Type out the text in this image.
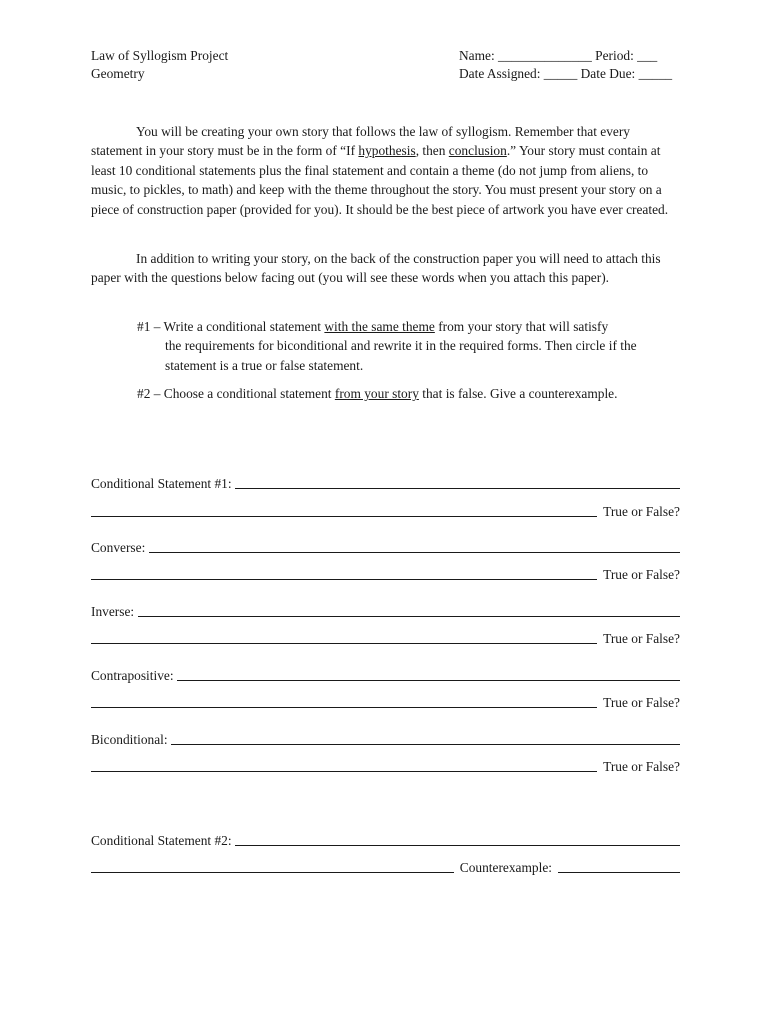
Law of Syllogism Project
Geometry
Name: ______________ Period: ___
Date Assigned: _____ Date Due: _____
You will be creating your own story that follows the law of syllogism. Remember that every statement in your story must be in the form of “If hypothesis, then conclusion.” Your story must contain at least 10 conditional statements plus the final statement and contain a theme (do not jump from aliens, to music, to pickles, to math) and keep with the theme throughout the story. You must present your story on a piece of construction paper (provided for you). It should be the best piece of artwork you have ever created.
In addition to writing your story, on the back of the construction paper you will need to attach this paper with the questions below facing out (you will see these words when you attach this paper).
#1 – Write a conditional statement with the same theme from your story that will satisfy
the requirements for biconditional and rewrite it in the required forms. Then circle if the statement is a true or false statement.
#2 – Choose a conditional statement from your story that is false. Give a counterexample.
Conditional Statement #1:

True or False?
Converse:

True or False?
Inverse:

True or False?
Contrapositive:

True or False?
Biconditional:

True or False?
Conditional Statement #2:

Counterexample:
